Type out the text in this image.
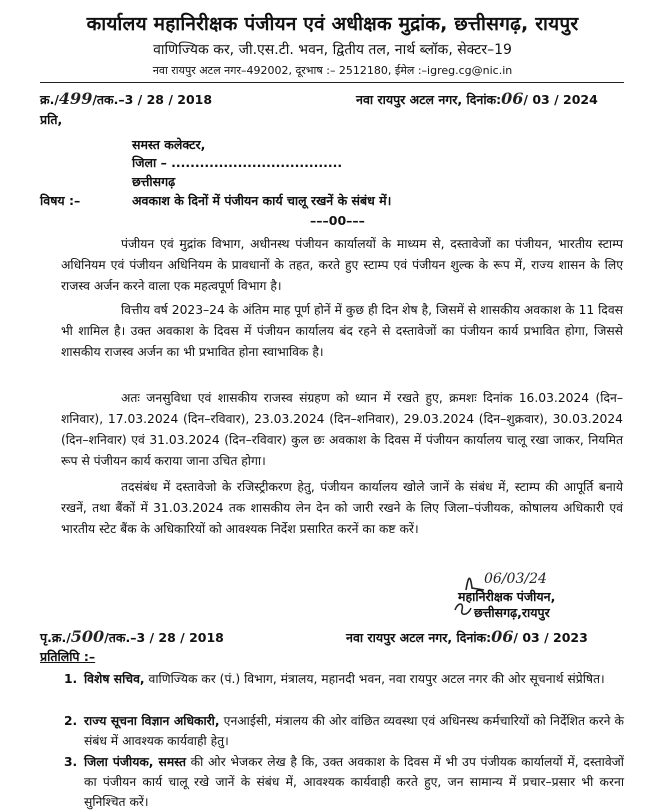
कार्यालय महानिरीक्षक पंजीयन एवं अधीक्षक मुद्रांक, छत्तीसगढ़, रायपुर
वाणिज्यिक कर, जी.एस.टी. भवन, द्वितीय तल, नार्थ ब्लॉक, सेक्टर–19
नवा रायपुर अटल नगर–492002, दूरभाष :– 2512180, ईमेल :–igreg.cg@nic.in
क्र./499/तक.–3 / 28 / 2018	नवा रायपुर अटल नगर, दिनांक:06/ 03 / 2024
प्रति,
समस्त कलेक्टर,
जिला – ....................................
छत्तीसगढ़
विषय :–	अवकाश के दिनों में पंजीयन कार्य चालू रखनें के संबंध में।
–––00–––
पंजीयन एवं मुद्रांक विभाग, अधीनस्थ पंजीयन कार्यालयों के माध्यम से, दस्तावेजों का पंजीयन, भारतीय स्टाम्प अधिनियम एवं पंजीयन अधिनियम के प्रावधानों के तहत, करते हुए स्टाम्प एवं पंजीयन शुल्क के रूप में, राज्य शासन के लिए राजस्व अर्जन करने वाला एक महत्वपूर्ण विभाग है।
वित्तीय वर्ष 2023–24 के अंतिम माह पूर्ण होनें में कुछ ही दिन शेष है, जिसमें से शासकीय अवकाश के 11 दिवस भी शामिल है। उक्त अवकाश के दिवस में पंजीयन कार्यालय बंद रहने से दस्तावेजों का पंजीयन कार्य प्रभावित होगा, जिससे शासकीय राजस्व अर्जन का भी प्रभावित होना स्वाभाविक है।
अतः जनसुविधा एवं शासकीय राजस्व संग्रहण को ध्यान में रखते हुए, क्रमशः दिनांक 16.03.2024 (दिन–शनिवार), 17.03.2024 (दिन–रविवार), 23.03.2024 (दिन–शनिवार), 29.03.2024 (दिन–शुक्रवार), 30.03.2024 (दिन–शनिवार) एवं 31.03.2024 (दिन–रविवार) कुल छः अवकाश के दिवस में पंजीयन कार्यालय चालू रखा जाकर, नियमित रूप से पंजीयन कार्य कराया जाना उचित होगा।
तदसंबंध में दस्तावेजो के रजिस्ट्रीकरण हेतु, पंजीयन कार्यालय खोले जानें के संबंध में, स्टाम्प की आपूर्ति बनाये रखनें, तथा बैंकों में 31.03.2024 तक शासकीय लेन देन को जारी रखने के लिए जिला–पंजीयक, कोषालय अधिकारी एवं भारतीय स्टेट बैंक के अधिकारियों को आवश्यक निर्देश प्रसारित करनें का कष्ट करें।
06/03/24
महानिरीक्षक पंजीयन,
छत्तीसगढ़,रायपुर
पृ.क्र./500/तक.–3 / 28 / 2018	नवा रायपुर अटल नगर, दिनांक:06/ 03 / 2023
प्रतिलिपि :–
1. विशेष सचिव, वाणिज्यिक कर (पं.) विभाग, मंत्रालय, महानदी भवन, नवा रायपुर अटल नगर की ओर सूचनार्थ संप्रेषित।
2. राज्य सूचना विज्ञान अधिकारी, एनआईसी, मंत्रालय की ओर वांछित व्यवस्था एवं अधिनस्थ कर्मचारियों को निर्देशित करने के संबंध में आवश्यक कार्यवाही हेतु।
3. जिला पंजीयक, समस्त की ओर भेजकर लेख है कि, उक्त अवकाश के दिवस में भी उप पंजीयक कार्यालयों में, दस्तावेजों का पंजीयन कार्य चालू रखे जानें के संबंध में, आवश्यक कार्यवाही करते हुए, जन सामान्य में प्रचार–प्रसार भी करना सुनिश्चित करें।
